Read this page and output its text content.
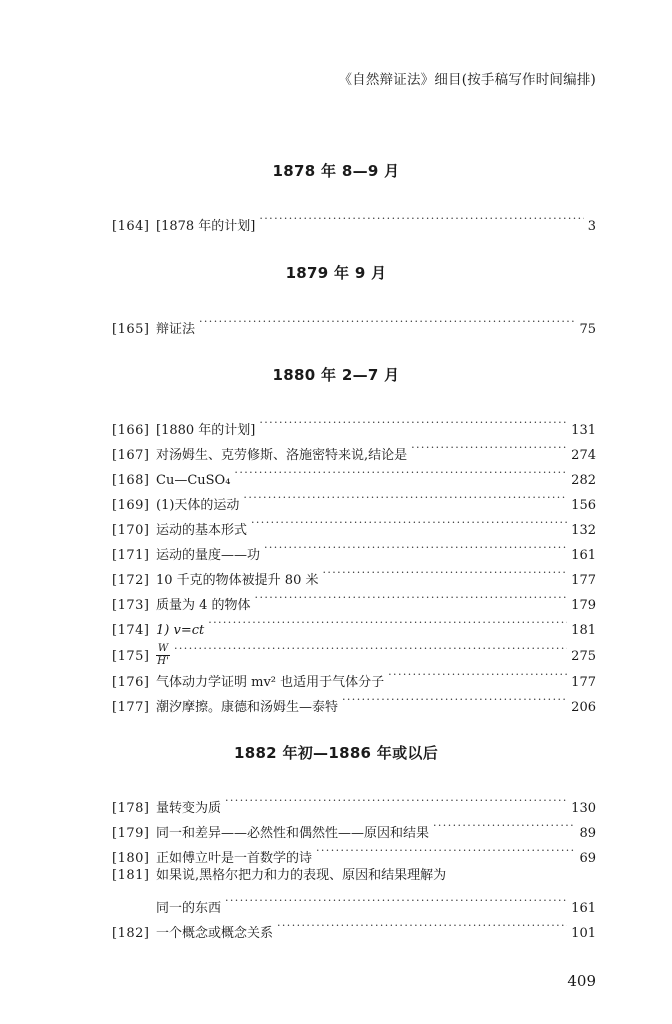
《自然辩证法》细目(按手稿写作时间编排)
1878 年 8—9 月
[164] [1878 年的计划] ·····	3
1879 年 9 月
[165] 辩证法 ·····	75
1880 年 2—7 月
[166] [1880 年的计划] ·····	131
[167] 对汤姆生、克劳修斯、洛施密特来说,结论是 ·····	274
[168] Cu—CuSO₄ ·····	282
[169] (1)天体的运动 ·····	156
[170] 运动的基本形式 ·····	132
[171] 运动的量度——功 ·····	161
[172] 10 千克的物体被提升 80 米 ·····	177
[173] 质量为 4 的物体 ·····	179
[174] 1) v=ct ·····	181
$[175] \frac{W}{H'}$ ·····	275
[176] 气体动力学证明 mv² 也适用于气体分子 ·····	177
[177] 潮汐摩擦。康德和汤姆生—泰特 ·····	206
1882 年初—1886 年或以后
[178] 量转变为质 ·····	130
[179] 同一和差异——必然性和偶然性——原因和结果 ·····	89
[180] 正如傅立叶是一首数学的诗 ·····	69
[181] 如果说,黑格尔把力和力的表现、原因和结果理解为
同一的东西 ·····	161
[182] 一个概念或概念关系 ·····	101
409
